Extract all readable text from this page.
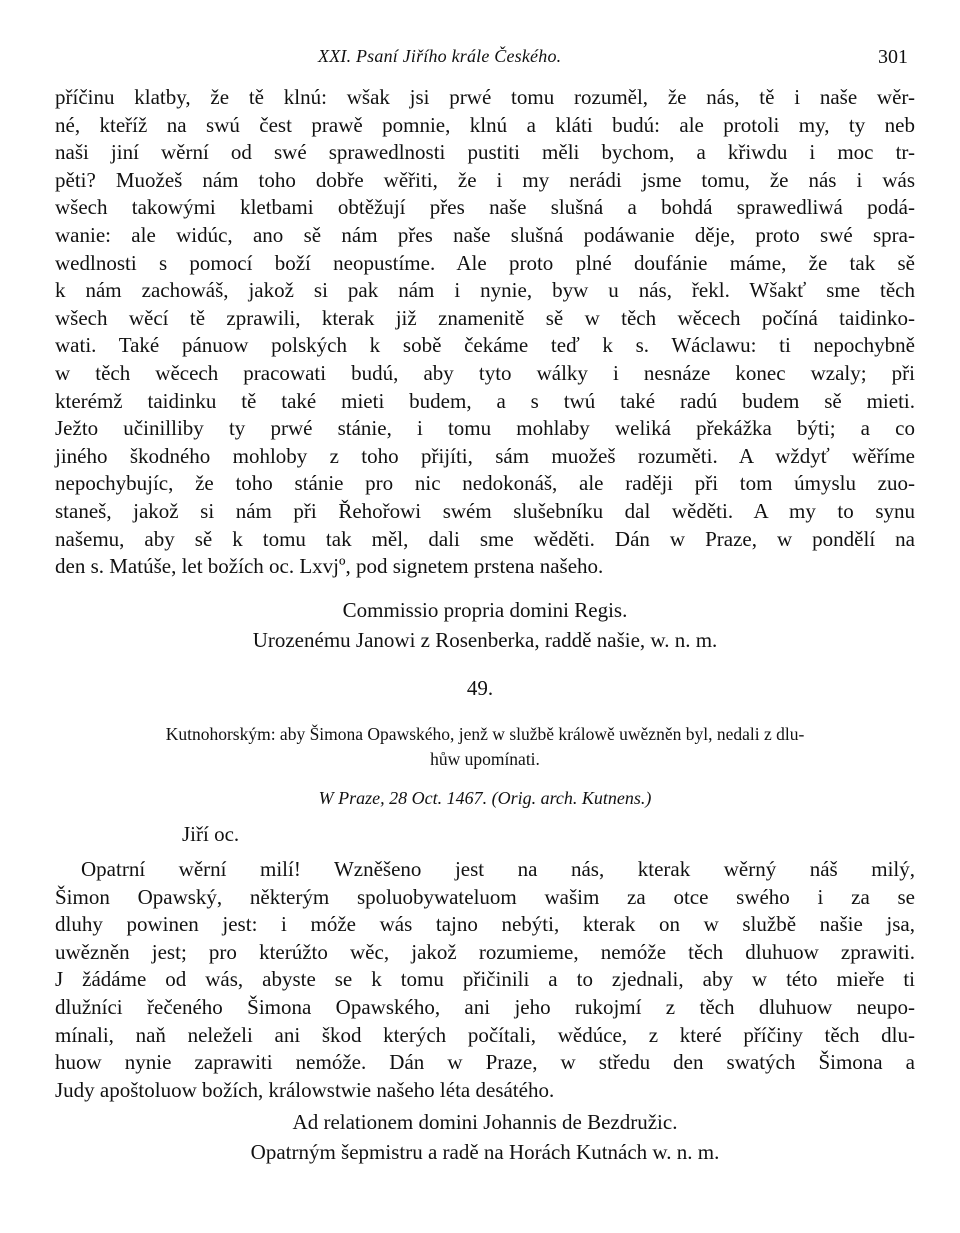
XXI. Psaní Jiřího krále Českého.	301

příčinu klatby, že tě klnú: wšak jsi prwé tomu rozuměl, že nás, tě i naše wěr-

né, kteříž na swú čest prawě pomnie, klnú a kláti budú: ale protoli my, ty neb

naši jiní wěrní od swé sprawedlnosti pustiti měli bychom, a křiwdu i moc tr-

pěti? Muožeš nám toho dobře wěřiti, že i my nerádi jsme tomu, že nás i wás

wšech takowými kletbami obtěžují přes naše slušná a bohdá sprawedliwá podá-

wanie: ale widúc, ano sě nám přes naše slušná podáwanie děje, proto swé spra-

wedlnosti s pomocí boží neopustíme. Ale proto plné doufánie máme, že tak sě

k nám zachowáš, jakož si pak nám i nynie, byw u nás, řekl. Wšakť sme těch

wšech wěcí tě zprawili, kterak již znamenitě sě w těch wěcech počíná taidinko-

wati. Také pánuow polských k sobě čekáme teď k s. Wáclawu: ti nepochybně

w těch wěcech pracowati budú, aby tyto wálky i nesnáze konec wzaly; při

kterémž taidinku tě také mieti budem, a s twú také radú budem sě mieti.

Ježto učinilliby ty prwé stánie, i tomu mohlaby weliká překážka býti; a co

jiného škodného mohloby z toho přijíti, sám muožeš rozuměti. A wždyť wěříme

nepochybujíc, že toho stánie pro nic nedokonáš, ale raději při tom úmyslu zuo-

staneš, jakož si nám při Řehořowi swém slušebníku dal wěděti. A my to synu

našemu, aby sě k tomu tak měl, dali sme wěděti. Dán w Praze, w pondělí na

den s. Matúše, let božích oc. Lxvjº, pod signetem prstena našeho.

Commissio propria domini Regis.
Urozenému Janowi z Rosenberka, raddě našie, w. n. m.
49.
Kutnohorským: aby Šimona Opawského, jenž w službě králowě uwězněn byl, nedali z dlu-
hůw upomínati.
W Praze, 28 Oct. 1467. (Orig. arch. Kutnens.)
Jiří oc.

Opatrní wěrní milí! Wzněšeno jest na nás, kterak wěrný náš milý,

Šimon Opawský, některým spoluobywateluom wašim za otce swého i za se

dluhy powinen jest: i móže wás tajno nebýti, kterak on w službě našie jsa,

uwězněn jest; pro kterúžto wěc, jakož rozumieme, nemóže těch dluhuow zprawiti.

J žádáme od wás, abyste se k tomu přičinili a to zjednali, aby w této mieře ti

dlužníci řečeného Šimona Opawského, ani jeho rukojmí z těch dluhuow neupo-

mínali, naň neleželi ani škod kterých počítali, wědúce, z které příčiny těch dlu-

huow nynie zaprawiti nemóže. Dán w Praze, w středu den swatých Šimona a

Judy apoštoluow božích, králowstwie našeho léta desátého.

Ad relationem domini Johannis de Bezdružic.
Opatrným šepmistru a radě na Horách Kutnách w. n. m.
